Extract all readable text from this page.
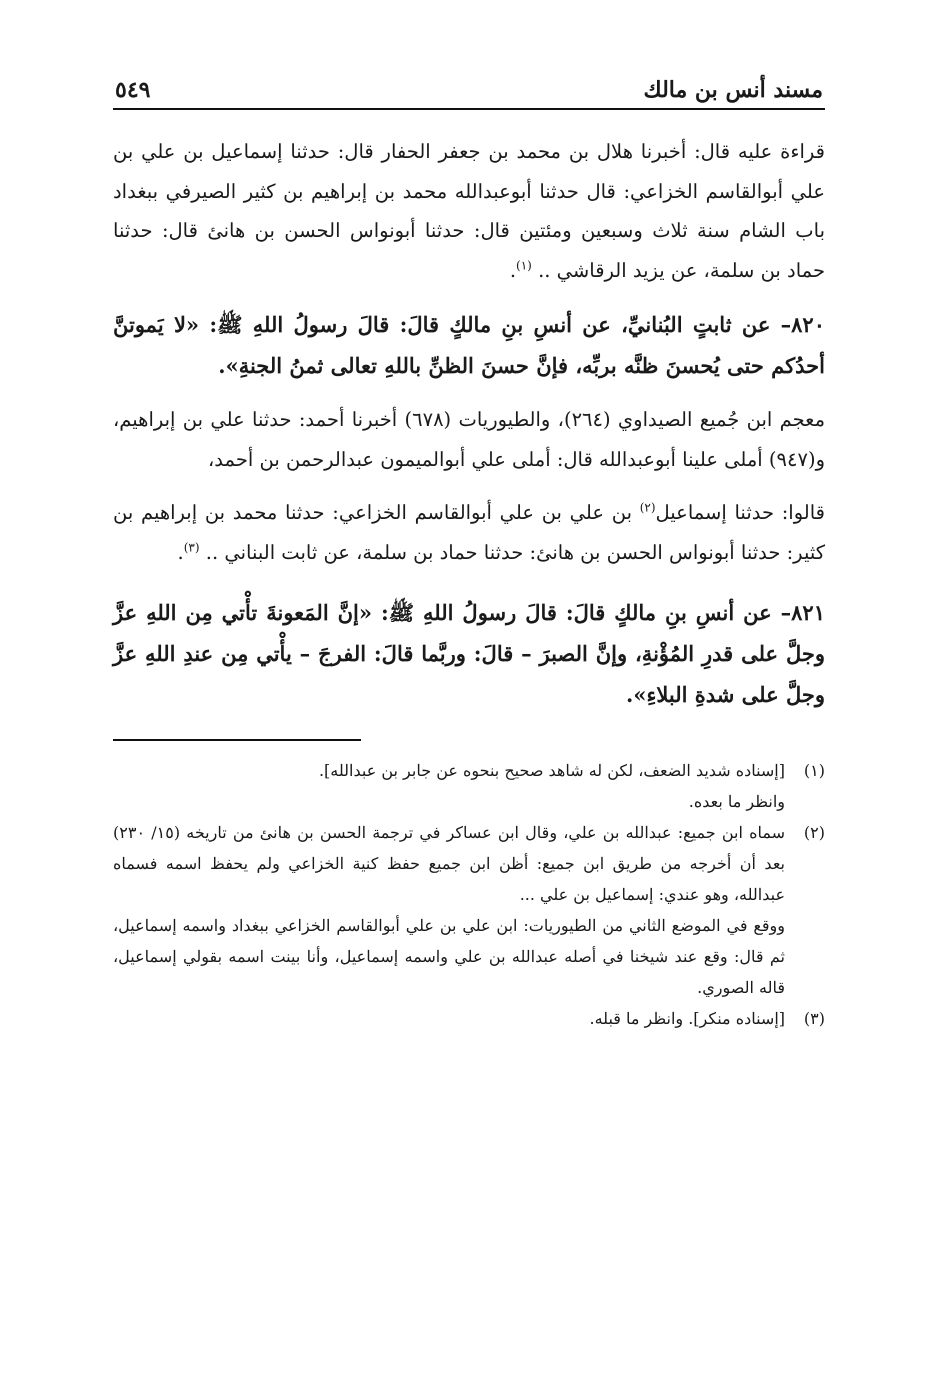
مسند أنس بن مالك
٥٤٩

قراءة عليه قال: أخبرنا هلال بن محمد بن جعفر الحفار قال: حدثنا إسماعيل بن علي بن علي أبوالقاسم الخزاعي: قال حدثنا أبوعبدالله محمد بن إبراهيم بن كثير الصيرفي ببغداد باب الشام سنة ثلاث وسبعين ومئتين قال: حدثنا أبونواس الحسن بن هانئ قال: حدثنا حماد بن سلمة، عن يزيد الرقاشي .. $^{(١)}$.

٨٢٠– عن ثابتٍ البُنانيِّ، عن أنسِ بنِ مالكٍ قالَ: قالَ رسولُ اللهِ ﷺ: «لا يَموتنَّ أحدُكم حتى يُحسنَ ظنَّه بربِّه، فإنَّ حسنَ الظنِّ باللهِ تعالى ثمنُ الجنةِ».

معجم ابن جُميع الصيداوي (٢٦٤)، والطيوريات (٦٧٨) أخبرنا أحمد: حدثنا علي بن إبراهيم، و(٩٤٧) أملى علينا أبوعبدالله قال: أملى علي أبوالميمون عبدالرحمن بن أحمد،

قالوا: حدثنا إسماعيل$^{(٢)}$ بن علي بن علي أبوالقاسم الخزاعي: حدثنا محمد بن إبراهيم بن كثير: حدثنا أبونواس الحسن بن هانئ: حدثنا حماد بن سلمة، عن ثابت البناني .. $^{(٣)}$.

٨٢١– عن أنسِ بنِ مالكٍ قالَ: قالَ رسولُ اللهِ ﷺ: «إنَّ المَعونةَ تأْتي مِن اللهِ عزَّ وجلَّ على قدرِ المُؤْنةِ، وإنَّ الصبرَ – قالَ: وربَّما قالَ: الفرجَ – يأْتي مِن عندِ اللهِ عزَّ وجلَّ على شدةِ البلاءِ».

(١)

[إسناده شديد الضعف، لكن له شاهد صحيح بنحوه عن جابر بن عبدالله].

وانظر ما بعده.

(٢)

سماه ابن جميع: عبدالله بن علي، وقال ابن عساكر في ترجمة الحسن بن هانئ من تاريخه (١٥/ ٢٣٠) بعد أن أخرجه من طريق ابن جميع: أظن ابن جميع حفظ كنية الخزاعي ولم يحفظ اسمه فسماه عبدالله، وهو عندي: إسماعيل بن علي ...

ووقع في الموضع الثاني من الطيوريات: ابن علي بن علي أبوالقاسم الخزاعي ببغداد واسمه إسماعيل، ثم قال: وقع عند شيخنا في أصله عبدالله بن علي واسمه إسماعيل، وأنا بينت اسمه بقولي إسماعيل، قاله الصوري.

(٣)

[إسناده منكر]. وانظر ما قبله.
